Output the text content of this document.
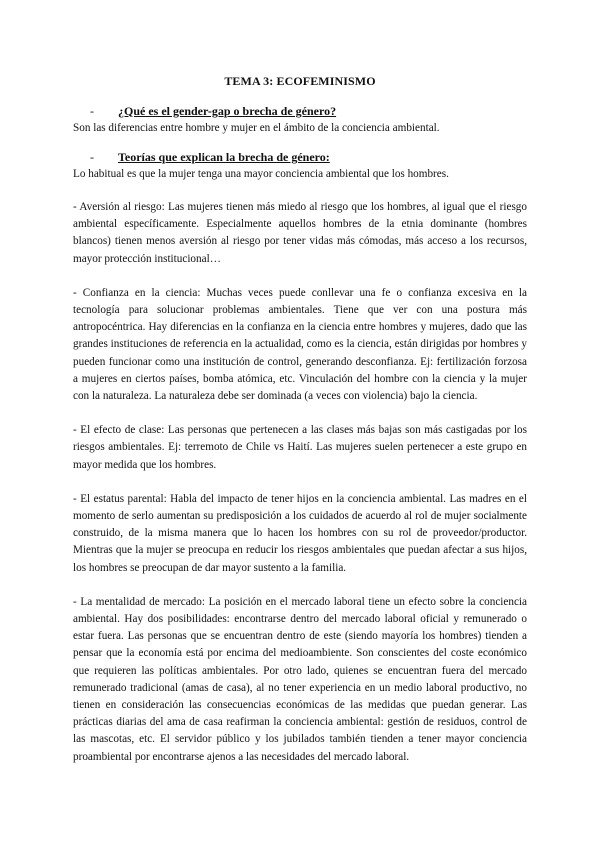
TEMA 3: ECOFEMINISMO

- ¿Qué es el gender-gap o brecha de género?

Son las diferencias entre hombre y mujer en el ámbito de la conciencia ambiental.

- Teorías que explican la brecha de género:

Lo habitual es que la mujer tenga una mayor conciencia ambiental que los hombres.

- Aversión al riesgo: Las mujeres tienen más miedo al riesgo que los hombres, al igual que el riesgo ambiental específicamente. Especialmente aquellos hombres de la etnia dominante (hombres blancos) tienen menos aversión al riesgo por tener vidas más cómodas, más acceso a los recursos, mayor protección institucional…

- Confianza en la ciencia: Muchas veces puede conllevar una fe o confianza excesiva en la tecnología para solucionar problemas ambientales. Tiene que ver con una postura más antropocéntrica. Hay diferencias en la confianza en la ciencia entre hombres y mujeres, dado que las grandes instituciones de referencia en la actualidad, como es la ciencia, están dirigidas por hombres y pueden funcionar como una institución de control, generando desconfianza. Ej: fertilización forzosa a mujeres en ciertos países, bomba atómica, etc. Vinculación del hombre con la ciencia y la mujer con la naturaleza. La naturaleza debe ser dominada (a veces con violencia) bajo la ciencia.

- El efecto de clase: Las personas que pertenecen a las clases más bajas son más castigadas por los riesgos ambientales. Ej: terremoto de Chile vs Haití. Las mujeres suelen pertenecer a este grupo en mayor medida que los hombres.

- El estatus parental: Habla del impacto de tener hijos en la conciencia ambiental. Las madres en el momento de serlo aumentan su predisposición a los cuidados de acuerdo al rol de mujer socialmente construido, de la misma manera que lo hacen los hombres con su rol de proveedor/productor. Mientras que la mujer se preocupa en reducir los riesgos ambientales que puedan afectar a sus hijos, los hombres se preocupan de dar mayor sustento a la familia.

- La mentalidad de mercado: La posición en el mercado laboral tiene un efecto sobre la conciencia ambiental. Hay dos posibilidades: encontrarse dentro del mercado laboral oficial y remunerado o estar fuera. Las personas que se encuentran dentro de este (siendo mayoría los hombres) tienden a pensar que la economía está por encima del medioambiente. Son conscientes del coste económico que requieren las políticas ambientales. Por otro lado, quienes se encuentran fuera del mercado remunerado tradicional (amas de casa), al no tener experiencia en un medio laboral productivo, no tienen en consideración las consecuencias económicas de las medidas que puedan generar. Las prácticas diarias del ama de casa reafirman la conciencia ambiental: gestión de residuos, control de las mascotas, etc. El servidor público y los jubilados también tienden a tener mayor conciencia proambiental por encontrarse ajenos a las necesidades del mercado laboral.
